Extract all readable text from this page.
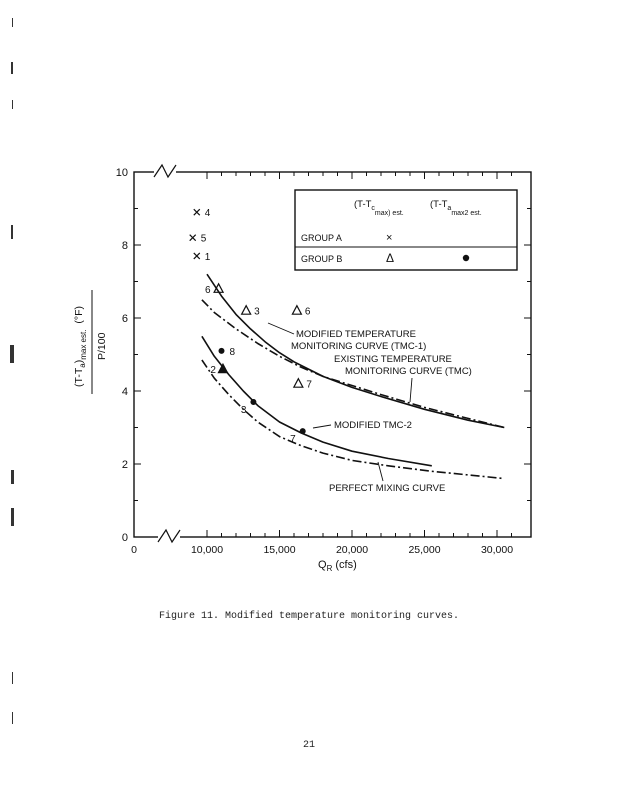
0
2
4
6
8
10
0	10,000	15,000	20,000	25,000	30,000
4
5
1
6
3	6
7
2
8
3
7
MODIFIED TEMPERATURE
MONITORING CURVE (TMC-1)
EXISTING TEMPERATURE
MONITORING CURVE (TMC)
MODIFIED TMC-2
PERFECT MIXING CURVE
($T-T_{cmax) est.}$
($T-T_{amax2 est.}$
GROUP A	×
GROUP B	Δ
$Q_R$ (cfs)
$(T-T_a)_{max est.}(^\circ F)$
P/100
Figure 11. Modified temperature monitoring curves.
21
